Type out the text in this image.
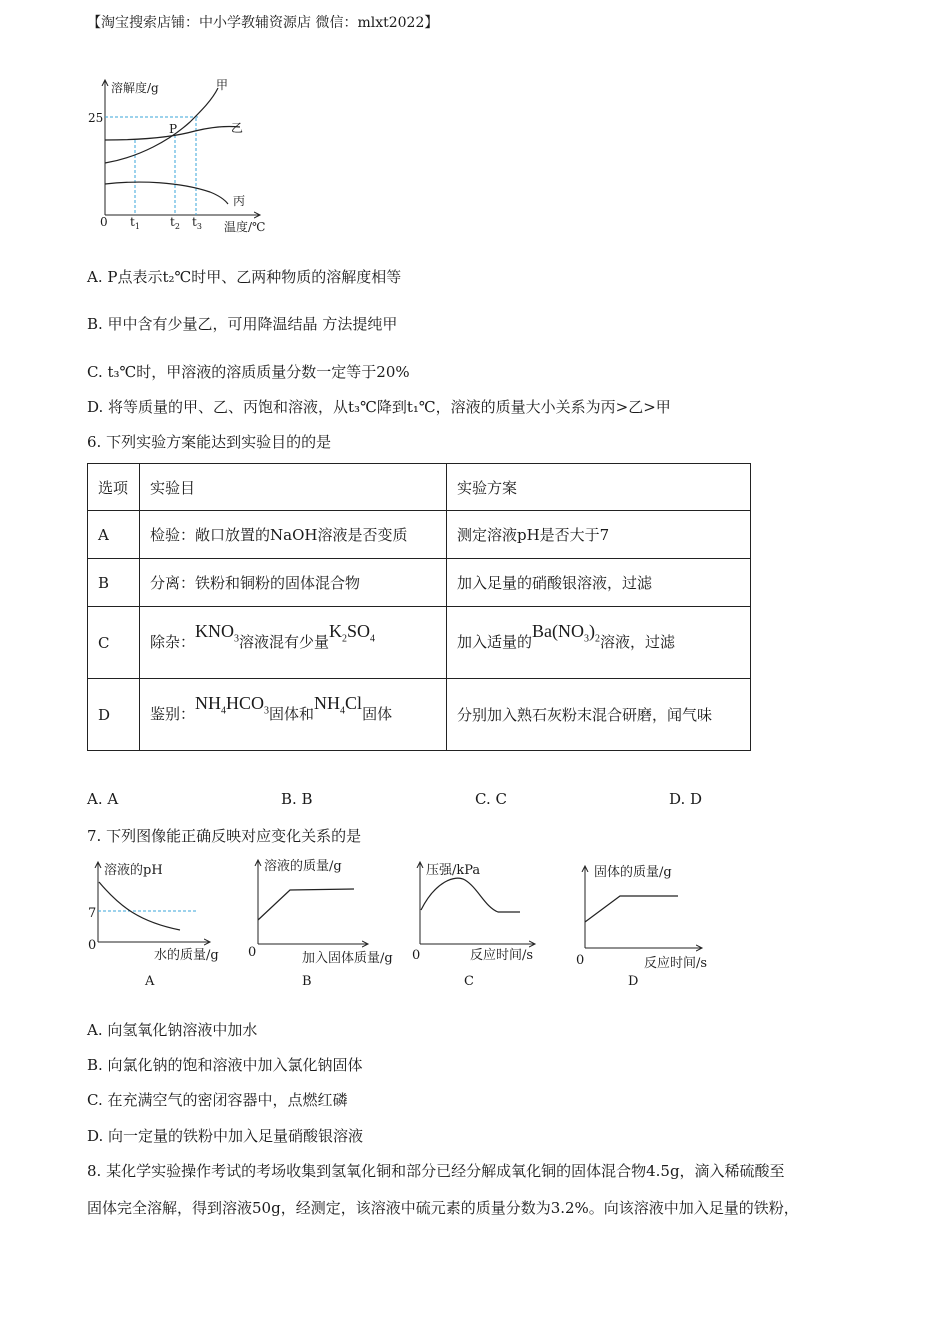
【淘宝搜索店铺：中小学教辅资源店 微信：mlxt2022】
溶解度/g
温度/℃
0
25
甲
乙
丙
P
$t_1$	$t_2$ $t_3$
A. P点表示t₂℃时甲、乙两种物质的溶解度相等
B. 甲中含有少量乙，可用降温结晶 方法提纯甲
C. t₃℃时，甲溶液的溶质质量分数一定等于20%
D. 将等质量的甲、乙、丙饱和溶液，从t₃℃降到t₁℃，溶液的质量大小关系为丙>乙>甲
6. 下列实验方案能达到实验目的的是
选项	实验目	实验方案
A	检验：敞口放置的NaOH溶液是否变质	测定溶液pH是否大于7
B	分离：铁粉和铜粉的固体混合物	加入足量的硝酸银溶液，过滤
C	除杂：$KNO_3$溶液混有少量$K_2SO_4$	加入适量的$Ba(NO_3)_2$溶液，过滤
D	鉴别：$NH_4HCO_3$固体和$NH_4Cl$固体	分别加入熟石灰粉末混合研磨，闻气味
A. A	B. B	C. C	D. D
7. 下列图像能正确反映对应变化关系的是
溶液的pH
7
0
水的质量/g
A
溶液的质量/g
0	加入固体质量/g
B
压强/kPa
0	反应时间/s
C
固体的质量/g
0	反应时间/s
D
A. 向氢氧化钠溶液中加水
B. 向氯化钠的饱和溶液中加入氯化钠固体
C. 在充满空气的密闭容器中，点燃红磷
D. 向一定量的铁粉中加入足量硝酸银溶液
8. 某化学实验操作考试的考场收集到氢氧化铜和部分已经分解成氧化铜的固体混合物4.5g，滴入稀硫酸至
固体完全溶解，得到溶液50g，经测定，该溶液中硫元素的质量分数为3.2%。向该溶液中加入足量的铁粉，
